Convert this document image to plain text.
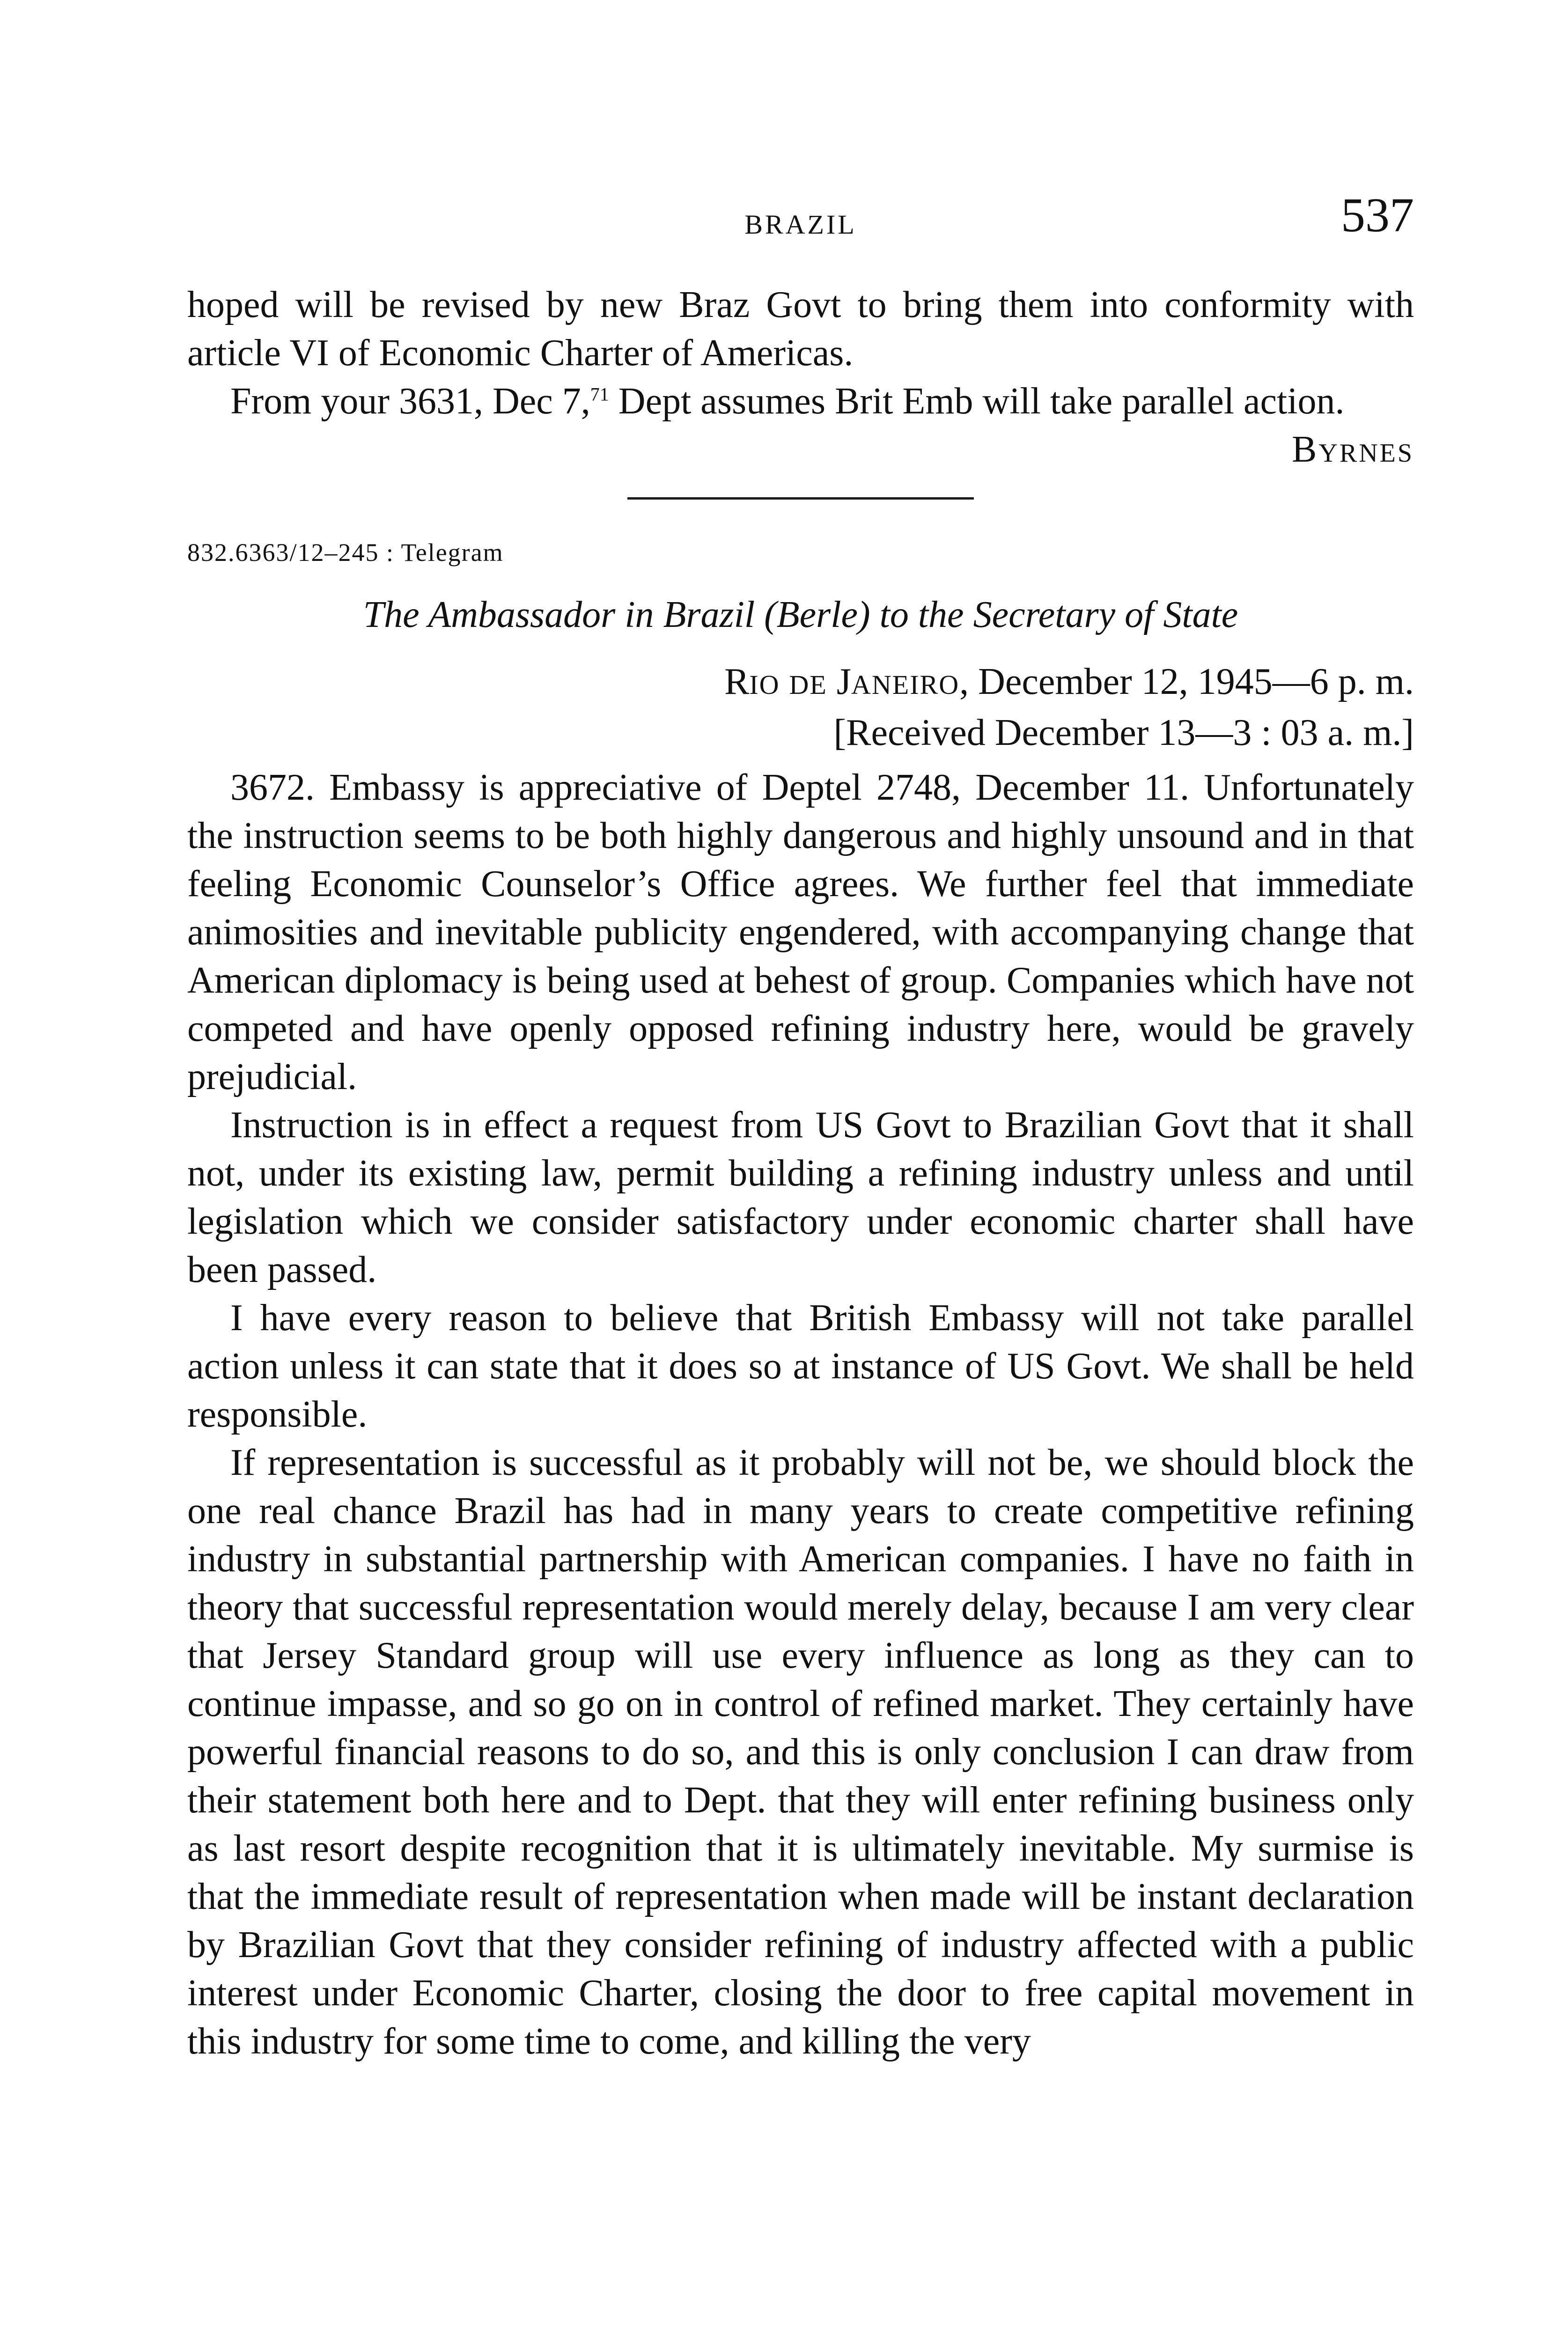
BRAZIL	537

hoped will be revised by new Braz Govt to bring them into conformity with article VI of Economic Charter of Americas.

From your 3631, Dec 7,71 Dept assumes Brit Emb will take parallel action.

BYRNES

832.6363/12–245 : Telegram
The Ambassador in Brazil (Berle) to the Secretary of State
RIO DE JANEIRO, December 12, 1945—6 p. m.
[Received December 13—3 : 03 a. m.]

3672. Embassy is appreciative of Deptel 2748, December 11. Unfortunately the instruction seems to be both highly dangerous and highly unsound and in that feeling Economic Counselor’s Office agrees. We further feel that immediate animosities and inevitable publicity engendered, with accompanying change that American diplomacy is being used at behest of group. Companies which have not competed and have openly opposed refining industry here, would be gravely prejudicial.

Instruction is in effect a request from US Govt to Brazilian Govt that it shall not, under its existing law, permit building a refining industry unless and until legislation which we consider satisfactory under economic charter shall have been passed.

I have every reason to believe that British Embassy will not take parallel action unless it can state that it does so at instance of US Govt. We shall be held responsible.

If representation is successful as it probably will not be, we should block the one real chance Brazil has had in many years to create competitive refining industry in substantial partnership with American companies. I have no faith in theory that successful representation would merely delay, because I am very clear that Jersey Standard group will use every influence as long as they can to continue impasse, and so go on in control of refined market. They certainly have powerful financial reasons to do so, and this is only conclusion I can draw from their statement both here and to Dept. that they will enter refining business only as last resort despite recognition that it is ultimately inevitable. My surmise is that the immediate result of representation when made will be instant declaration by Brazilian Govt that they consider refining of industry affected with a public interest under Economic Charter, closing the door to free capital movement in this industry for some time to come, and killing the very
